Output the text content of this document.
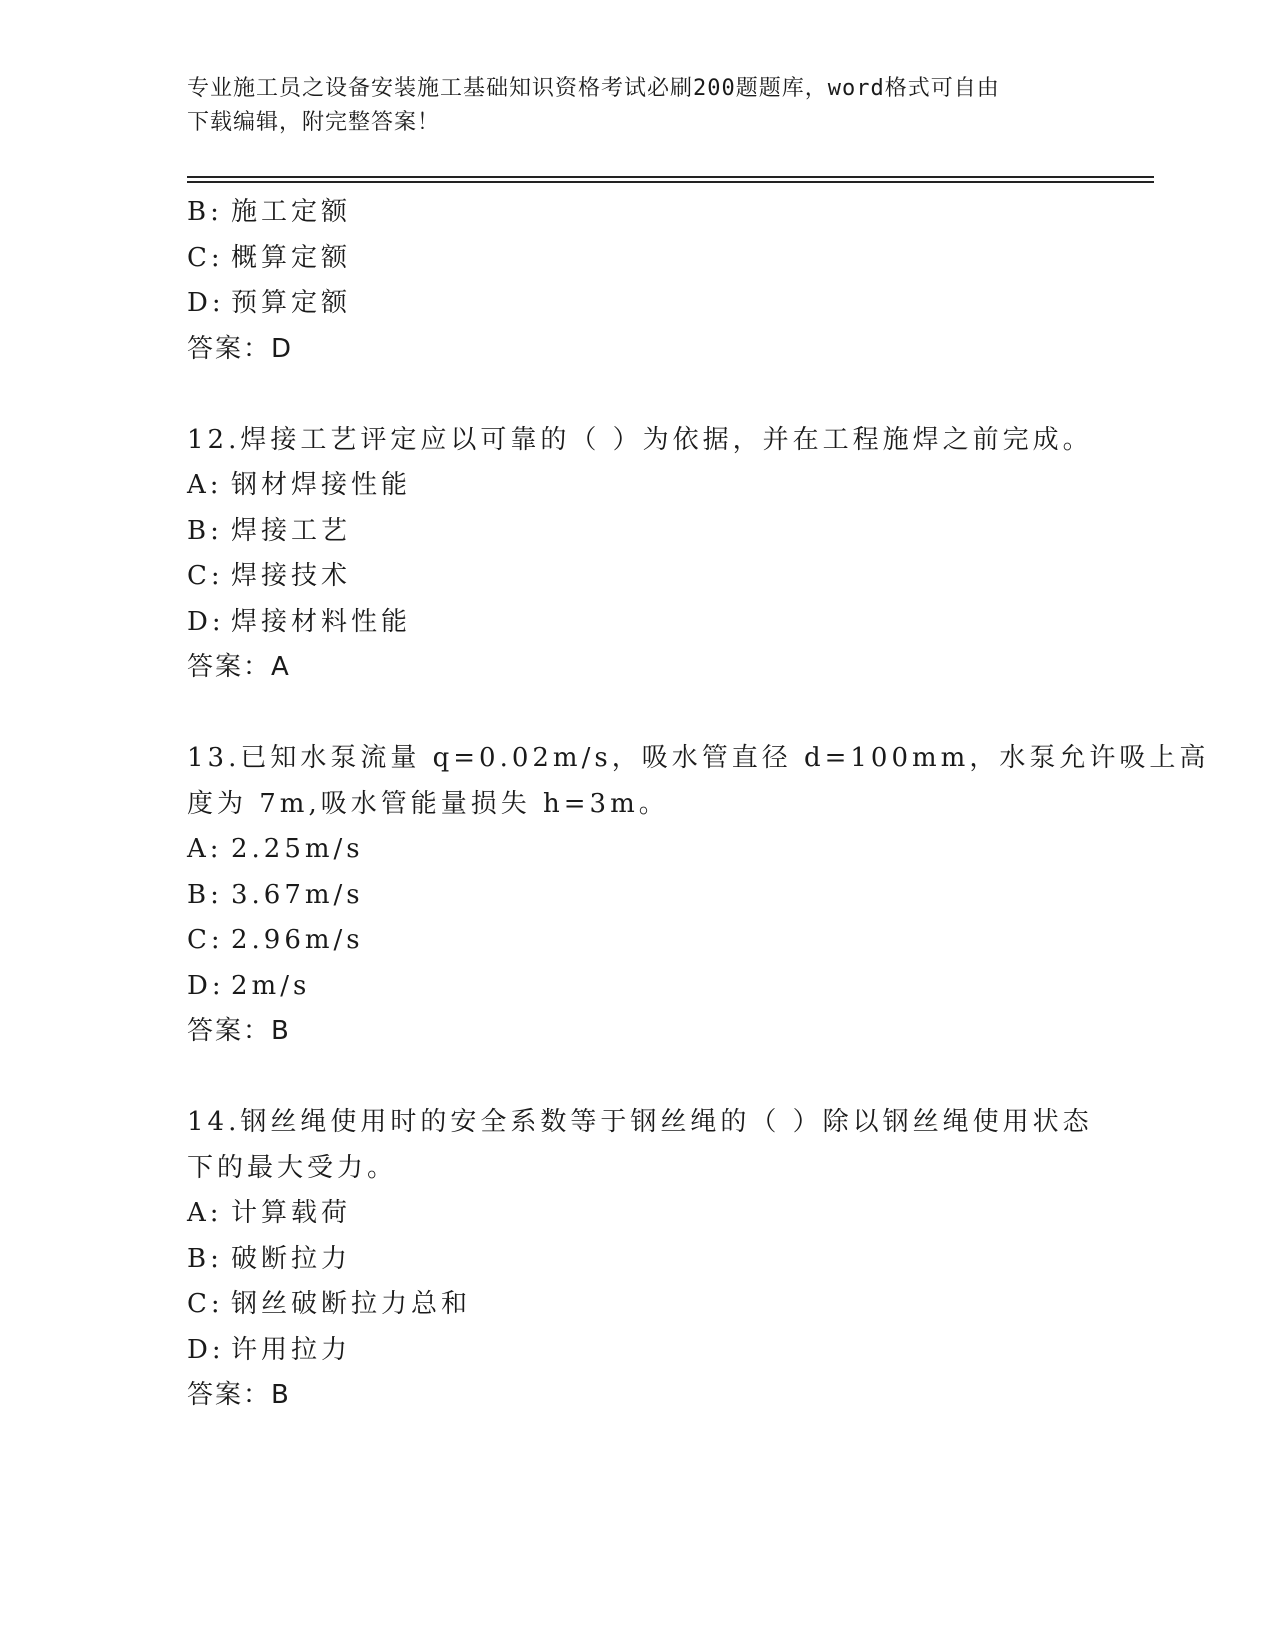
专业施工员之设备安装施工基础知识资格考试必刷200题题库，word格式可自由
下载编辑，附完整答案！
B: 施工定额
C: 概算定额
D: 预算定额
答案：D
12.焊接工艺评定应以可靠的（ ）为依据，并在工程施焊之前完成。
A: 钢材焊接性能
B: 焊接工艺
C: 焊接技术
D: 焊接材料性能
答案：A
13.已知水泵流量 q=0.02m/s，吸水管直径 d=100mm，水泵允许吸上高
度为 7m,吸水管能量损失 h=3m。
A: 2.25m/s
B: 3.67m/s
C: 2.96m/s
D: 2m/s
答案：B
14.钢丝绳使用时的安全系数等于钢丝绳的（ ）除以钢丝绳使用状态
下的最大受力。
A: 计算载荷
B: 破断拉力
C: 钢丝破断拉力总和
D: 许用拉力
答案：B
